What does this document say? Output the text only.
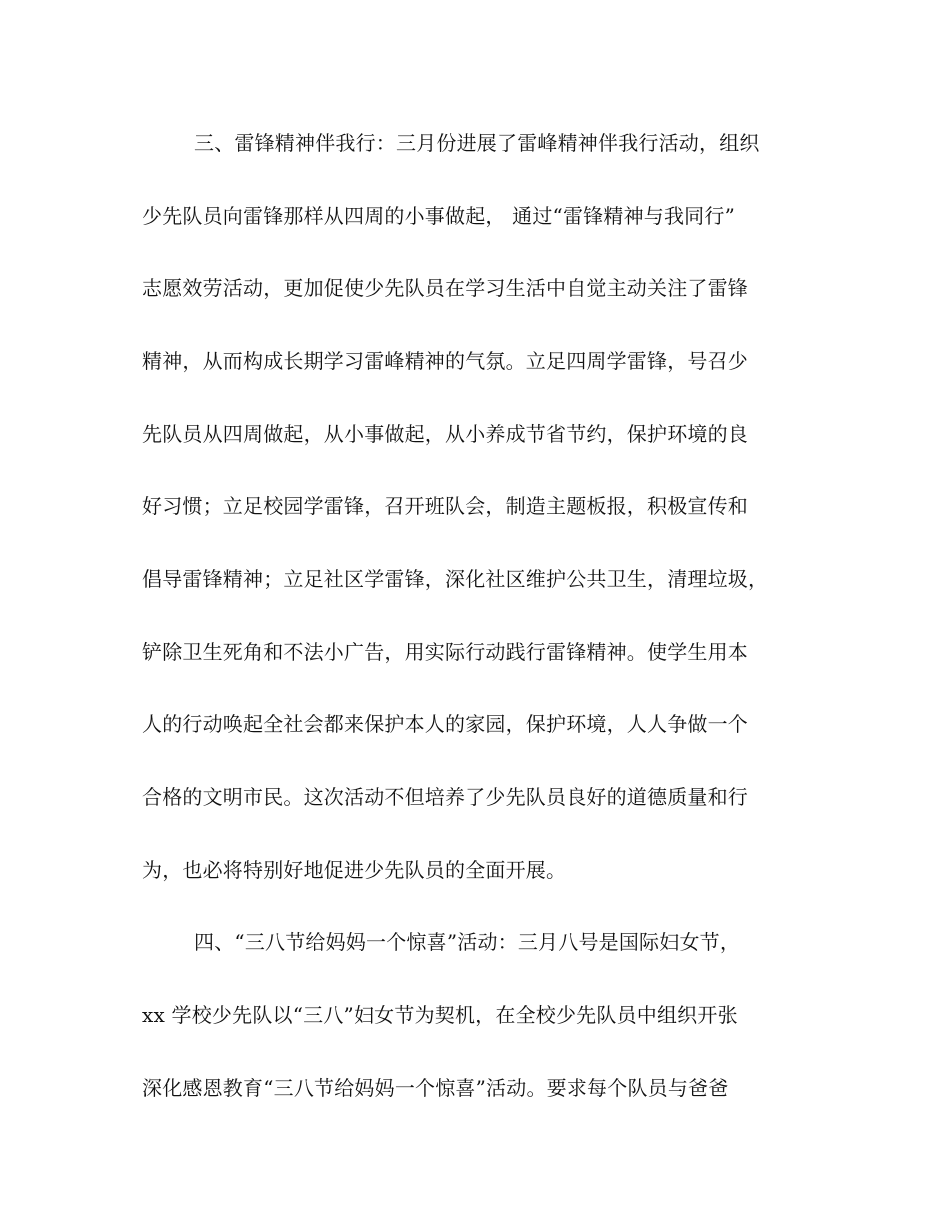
三、雷锋精神伴我行：三月份进展了雷峰精神伴我行活动，组织
少先队员向雷锋那样从四周的小事做起， 通过“雷锋精神与我同行”
志愿效劳活动，更加促使少先队员在学习生活中自觉主动关注了雷锋
精神，从而构成长期学习雷峰精神的气氛。立足四周学雷锋，号召少
先队员从四周做起，从小事做起，从小养成节省节约，保护环境的良
好习惯；立足校园学雷锋，召开班队会，制造主题板报，积极宣传和
倡导雷锋精神；立足社区学雷锋，深化社区维护公共卫生，清理垃圾，
铲除卫生死角和不法小广告，用实际行动践行雷锋精神。使学生用本
人的行动唤起全社会都来保护本人的家园，保护环境，人人争做一个
合格的文明市民。这次活动不但培养了少先队员良好的道德质量和行
为，也必将特别好地促进少先队员的全面开展。
四、“三八节给妈妈一个惊喜”活动：三月八号是国际妇女节，
xx 学校少先队以“三八”妇女节为契机，在全校少先队员中组织开张
深化感恩教育“三八节给妈妈一个惊喜”活动。要求每个队员与爸爸
